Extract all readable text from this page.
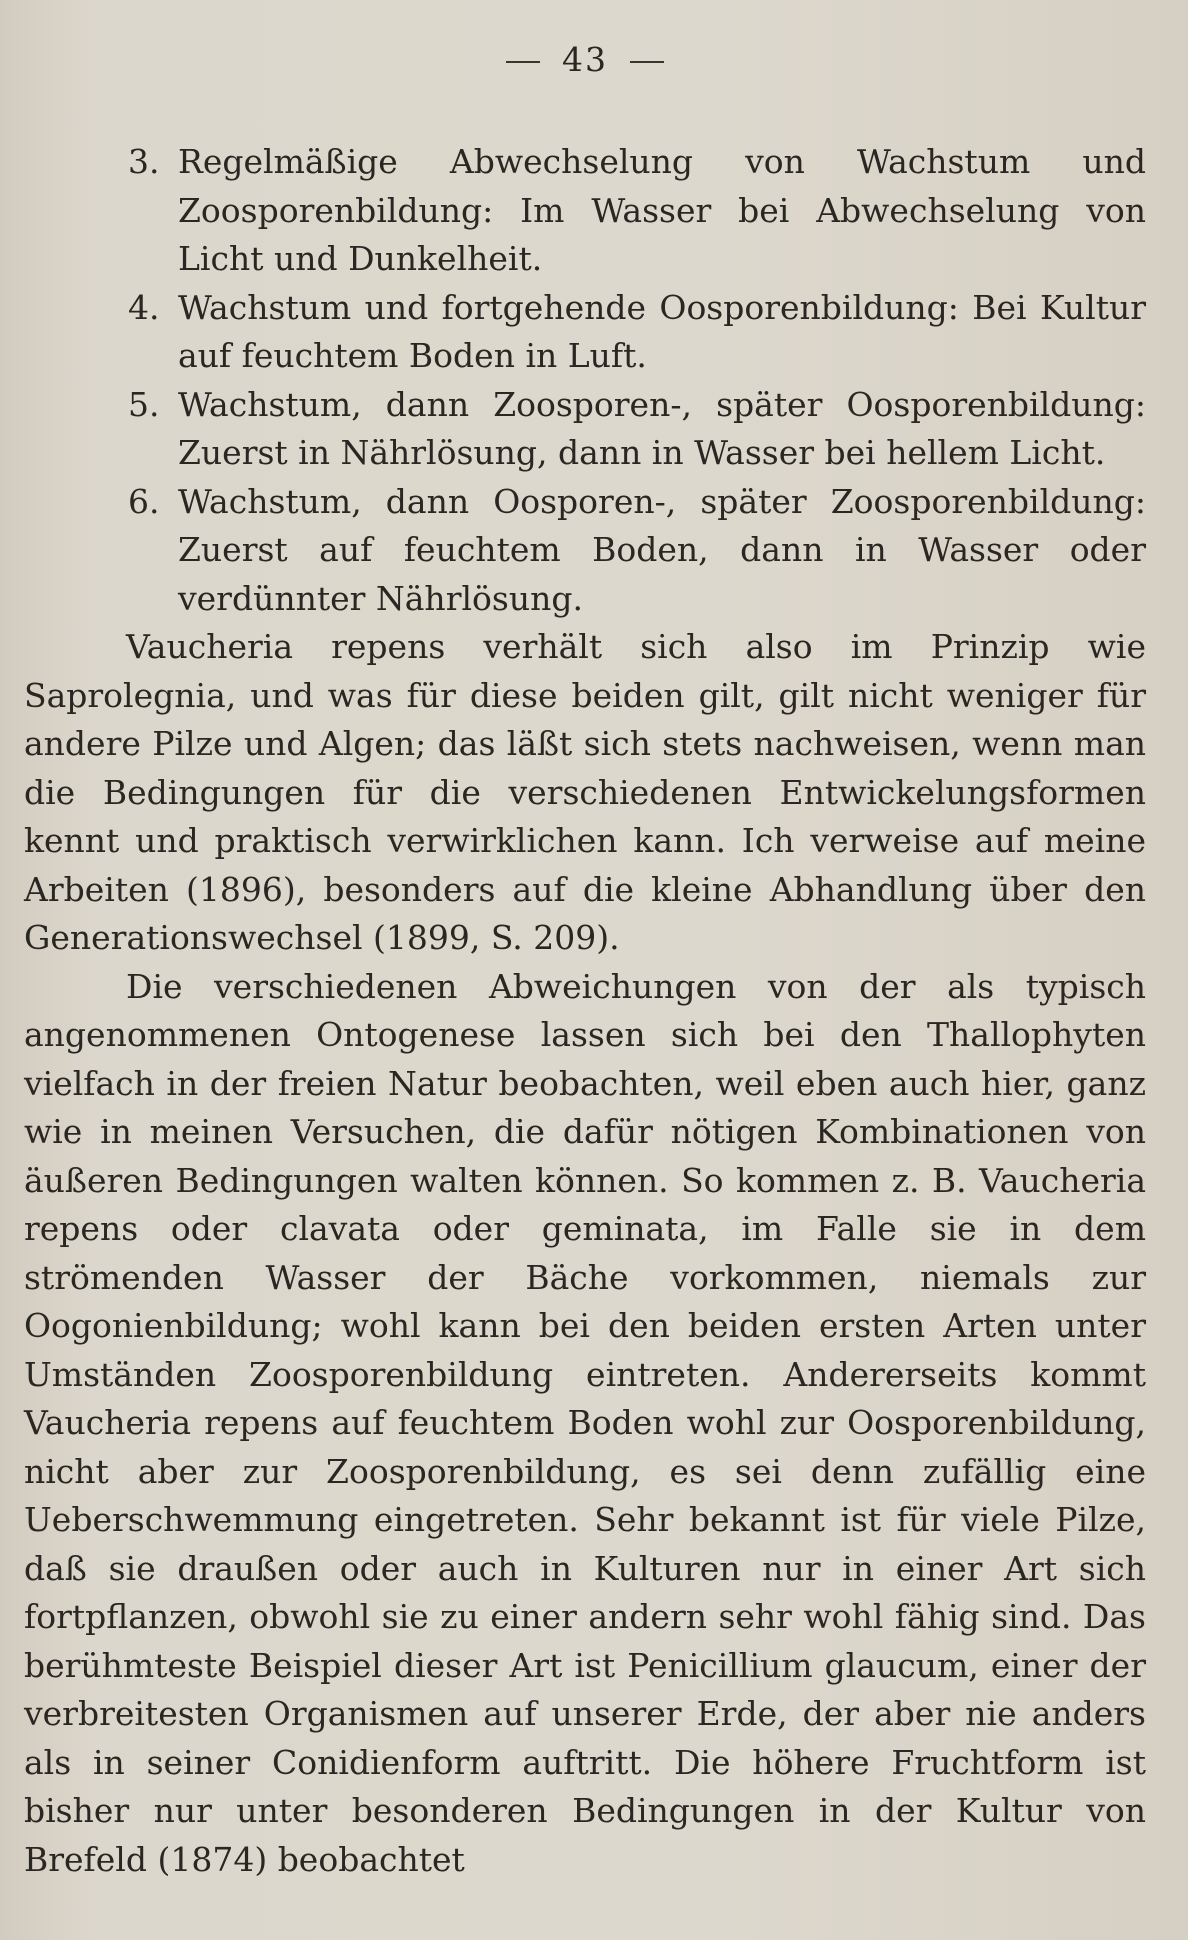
43
3. Regelmäßige Abwechselung von Wachstum und Zoosporenbildung: Im Wasser bei Abwechselung von Licht und Dunkelheit.
4. Wachstum und fortgehende Oosporenbildung: Bei Kultur auf feuchtem Boden in Luft.
5. Wachstum, dann Zoosporen-, später Oosporenbildung: Zuerst in Nährlösung, dann in Wasser bei hellem Licht.
6. Wachstum, dann Oosporen-, später Zoosporenbildung: Zuerst auf feuchtem Boden, dann in Wasser oder verdünnter Nährlösung.

Vaucheria repens verhält sich also im Prinzip wie Saprolegnia, und was für diese beiden gilt, gilt nicht weniger für andere Pilze und Algen; das läßt sich stets nachweisen, wenn man die Bedingungen für die verschiedenen Entwickelungsformen kennt und praktisch verwirklichen kann. Ich verweise auf meine Arbeiten (1896), besonders auf die kleine Abhandlung über den Generationswechsel (1899, S. 209).

Die verschiedenen Abweichungen von der als typisch angenommenen Ontogenese lassen sich bei den Thallophyten vielfach in der freien Natur beobachten, weil eben auch hier, ganz wie in meinen Versuchen, die dafür nötigen Kombinationen von äußeren Bedingungen walten können. So kommen z. B. Vaucheria repens oder clavata oder geminata, im Falle sie in dem strömenden Wasser der Bäche vorkommen, niemals zur Oogonienbildung; wohl kann bei den beiden ersten Arten unter Umständen Zoosporenbildung eintreten. Andererseits kommt Vaucheria repens auf feuchtem Boden wohl zur Oosporenbildung, nicht aber zur Zoosporenbildung, es sei denn zufällig eine Ueberschwemmung eingetreten. Sehr bekannt ist für viele Pilze, daß sie draußen oder auch in Kulturen nur in einer Art sich fortpflanzen, obwohl sie zu einer andern sehr wohl fähig sind. Das berühmteste Beispiel dieser Art ist Penicillium glaucum, einer der verbreitesten Organismen auf unserer Erde, der aber nie anders als in seiner Conidienform auftritt. Die höhere Fruchtform ist bisher nur unter besonderen Bedingungen in der Kultur von Brefeld (1874) beobachtet
